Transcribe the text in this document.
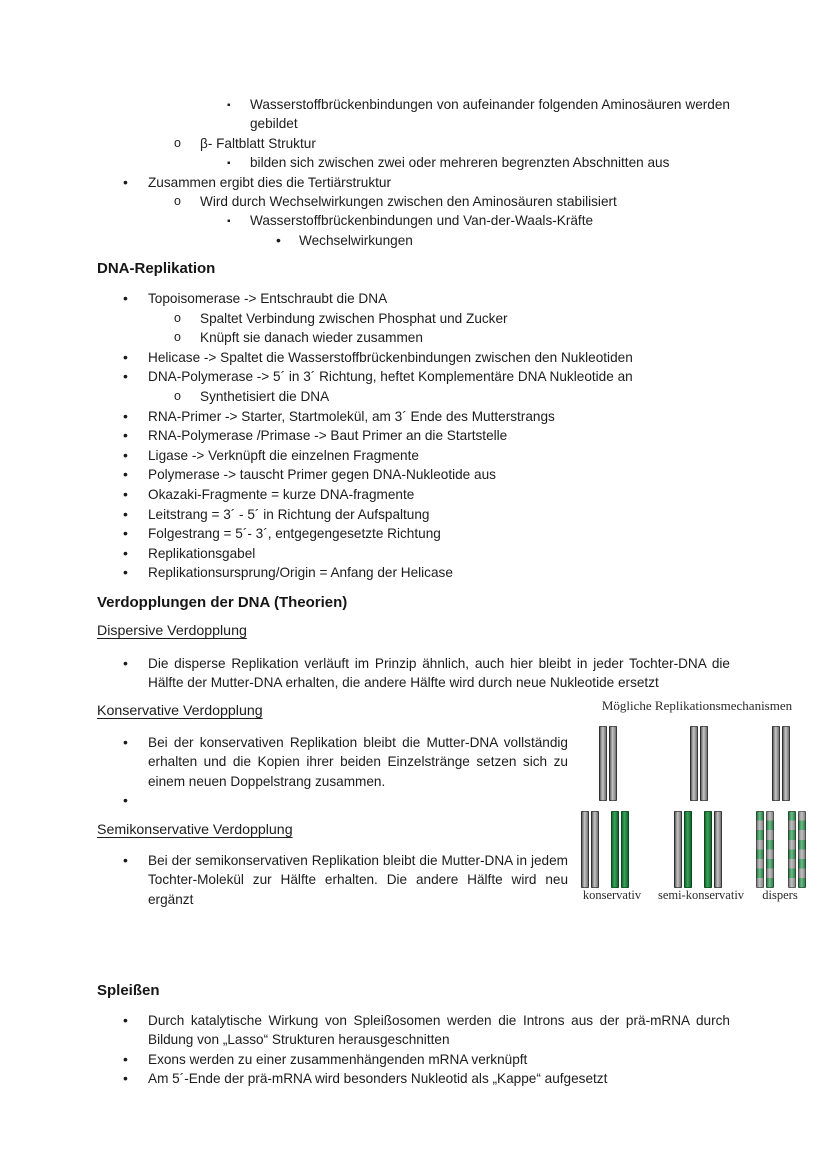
▪ Wasserstoffbrückenbindungen von aufeinander folgenden Aminosäuren werden gebildet
o β- Faltblatt Struktur
▪ bilden sich zwischen zwei oder mehreren begrenzten Abschnitten aus
• Zusammen ergibt dies die Tertiärstruktur
o Wird durch Wechselwirkungen zwischen den Aminosäuren stabilisiert
▪ Wasserstoffbrückenbindungen und Van-der-Waals-Kräfte
• Wechselwirkungen
DNA-Replikation
• Topoisomerase -> Entschraubt die DNA
o Spaltet Verbindung zwischen Phosphat und Zucker
o Knüpft sie danach wieder zusammen
• Helicase -> Spaltet die Wasserstoffbrückenbindungen zwischen den Nukleotiden
• DNA-Polymerase -> 5´ in 3´ Richtung, heftet Komplementäre DNA Nukleotide an
o Synthetisiert die DNA
• RNA-Primer -> Starter, Startmolekül, am 3´ Ende des Mutterstrangs
• RNA-Polymerase /Primase -> Baut Primer an die Startstelle
• Ligase -> Verknüpft die einzelnen Fragmente
• Polymerase -> tauscht Primer gegen DNA-Nukleotide aus
• Okazaki-Fragmente = kurze DNA-fragmente
• Leitstrang = 3´ - 5´ in Richtung der Aufspaltung
• Folgestrang = 5´- 3´, entgegengesetzte Richtung
• Replikationsgabel
• Replikationsursprung/Origin = Anfang der Helicase
Verdopplungen der DNA (Theorien)
Dispersive Verdopplung
• Die disperse Replikation verläuft im Prinzip ähnlich, auch hier bleibt in jeder Tochter-DNA die Hälfte der Mutter-DNA erhalten, die andere Hälfte wird durch neue Nukleotide ersetzt
Konservative Verdopplung
• Bei der konservativen Replikation bleibt die Mutter-DNA vollständig erhalten und die Kopien ihrer beiden Einzelstränge setzen sich zu einem neuen Doppelstrang zusammen.
•
Semikonservative Verdopplung
• Bei der semikonservativen Replikation bleibt die Mutter-DNA in jedem Tochter-Molekül zur Hälfte erhalten. Die andere Hälfte wird neu ergänzt
Mögliche Replikationsmechanismen
konservativ semi-konservativ dispers
Spleißen
• Durch katalytische Wirkung von Spleißosomen werden die Introns aus der prä-mRNA durch Bildung von „Lasso“ Strukturen herausgeschnitten
• Exons werden zu einer zusammenhängenden mRNA verknüpft
• Am 5´-Ende der prä-mRNA wird besonders Nukleotid als „Kappe“ aufgesetzt
